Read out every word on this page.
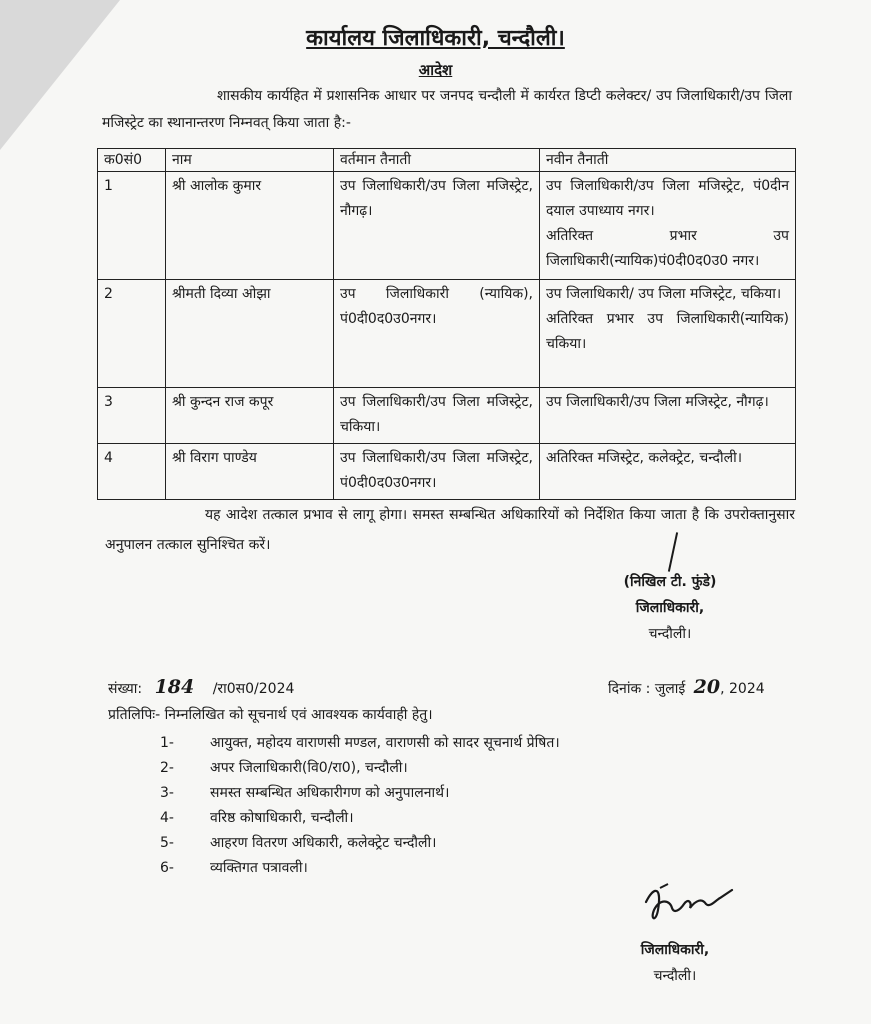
कार्यालय जिलाधिकारी, चन्दौली।
आदेश
शासकीय कार्यहित में प्रशासनिक आधार पर जनपद चन्दौली में कार्यरत डिप्टी कलेक्टर/ उप जिलाधिकारी/उप जिला मजिस्ट्रेट का स्थानान्तरण निम्नवत् किया जाता है:-
क0सं0	नाम	वर्तमान तैनाती	नवीन तैनाती
1	श्री आलोक कुमार	उप जिलाधिकारी/उप जिला मजिस्ट्रेट, नौगढ़।	उप जिलाधिकारी/उप जिला मजिस्ट्रेट, पं0दीन दयाल उपाध्याय नगर।
अतिरिक्त प्रभार उप जिलाधिकारी(न्यायिक)पं0दी0द0उ0 नगर।

2	श्रीमती दिव्या ओझा	उप जिलाधिकारी (न्यायिक), पं0दी0द0उ0नगर।	उप जिलाधिकारी/ उप जिला मजिस्ट्रेट, चकिया।
अतिरिक्त प्रभार उप जिलाधिकारी(न्यायिक) चकिया।

3	श्री कुन्दन राज कपूर	उप जिलाधिकारी/उप जिला मजिस्ट्रेट, चकिया।	उप जिलाधिकारी/उप जिला मजिस्ट्रेट, नौगढ़।

4	श्री विराग पाण्डेय	उप जिलाधिकारी/उप जिला मजिस्ट्रेट, पं0दी0द0उ0नगर।	अतिरिक्त मजिस्ट्रेट, कलेक्ट्रेट, चन्दौली।
यह आदेश तत्काल प्रभाव से लागू होगा। समस्त सम्बन्धित अधिकारियों को निर्देशित किया जाता है कि उपरोक्तानुसार अनुपालन तत्काल सुनिश्चित करें।
(निखिल टी. फुंडे)
जिलाधिकारी,
चन्दौली।
संख्या: 184 /रा0स0/2024	दिनांक : जुलाई 20, 2024
प्रतिलिपिः- निम्नलिखित को सूचनार्थ एवं आवश्यक कार्यवाही हेतु।
1-	आयुक्त, महोदय वाराणसी मण्डल, वाराणसी को सादर सूचनार्थ प्रेषित।
2-	अपर जिलाधिकारी(वि0/रा0), चन्दौली।
3-	समस्त सम्बन्धित अधिकारीगण को अनुपालनार्थ।
4-	वरिष्ठ कोषाधिकारी, चन्दौली।
5-	आहरण वितरण अधिकारी, कलेक्ट्रेट चन्दौली।
6-	व्यक्तिगत पत्रावली।
जिलाधिकारी,
चन्दौली।
